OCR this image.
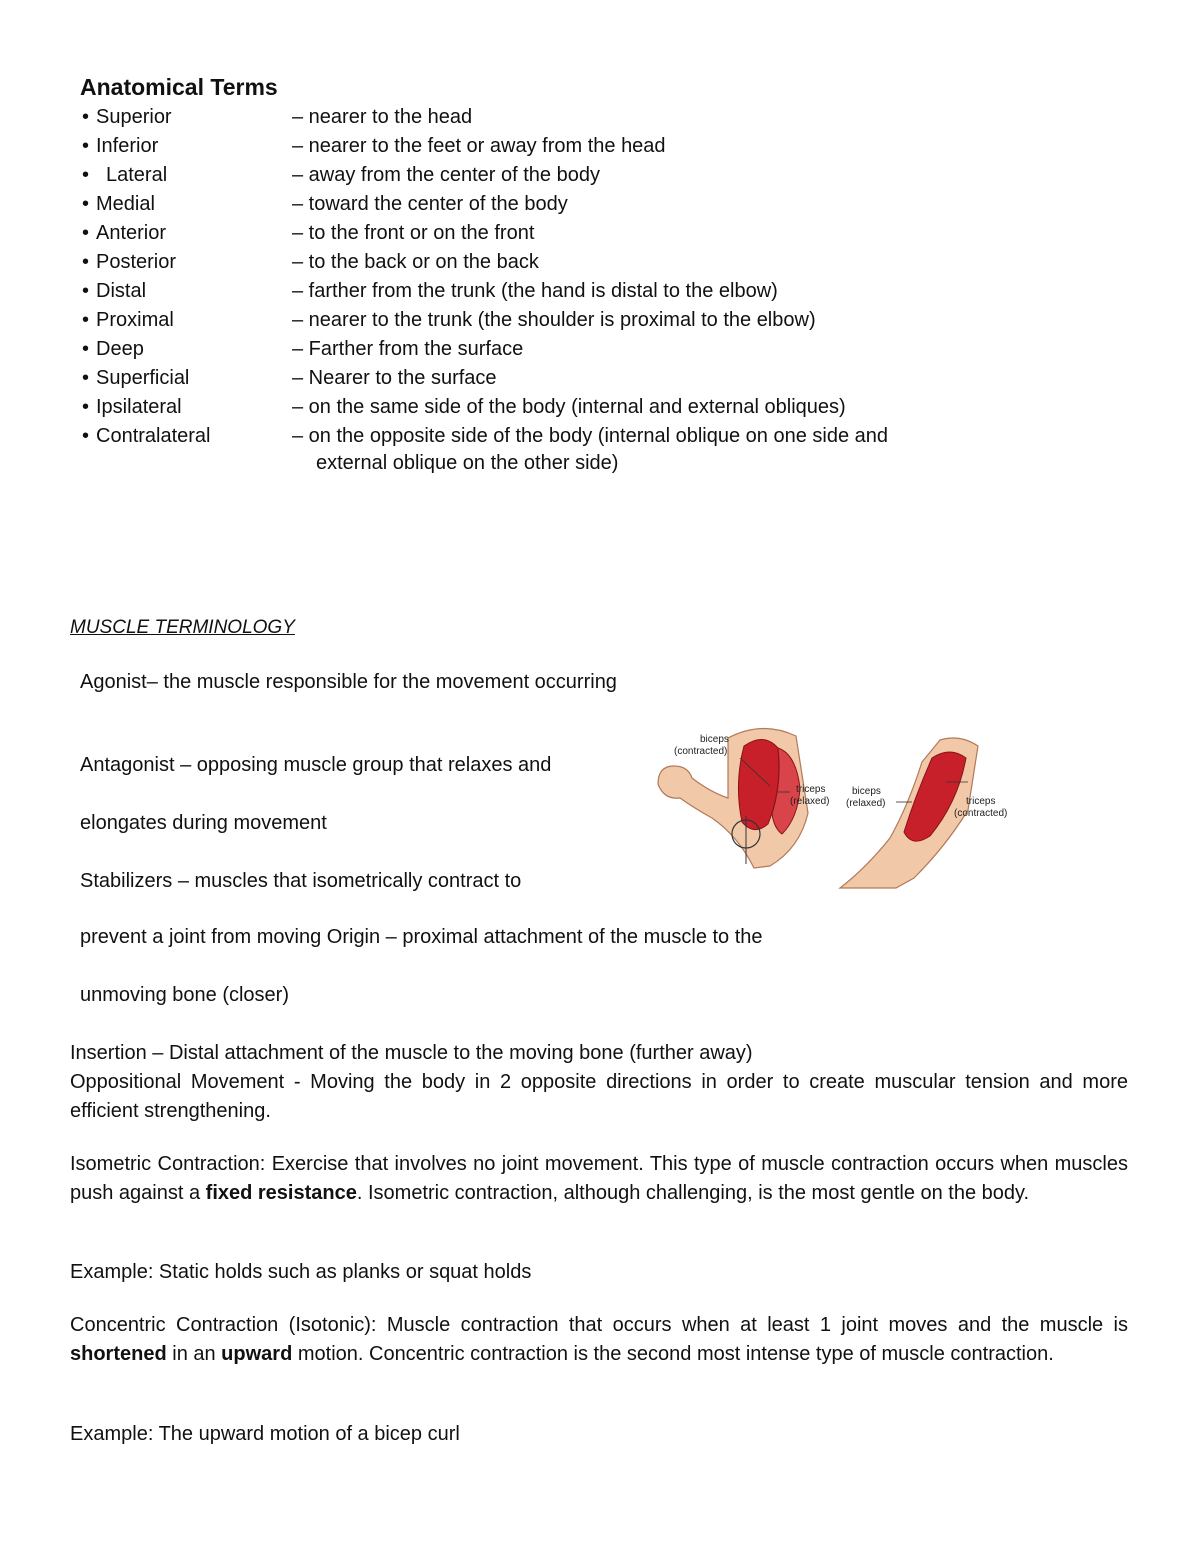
Anatomical Terms
• Superior	– nearer to the head
• Inferior	– nearer to the feet or away from the head
• Lateral	– away from the center of the body
• Medial	– toward the center of the body
• Anterior	– to the front or on the front
• Posterior	– to the back or on the back
• Distal	– farther from the trunk (the hand is distal to the elbow)
• Proximal	– nearer to the trunk (the shoulder is proximal to the elbow)
• Deep	– Farther from the surface
• Superficial	– Nearer to the surface
• Ipsilateral	– on the same side of the body (internal and external obliques)
• Contralateral	– on the opposite side of the body (internal oblique on one side and
external oblique on the other side)
MUSCLE TERMINOLOGY
Agonist– the muscle responsible for the movement occurring
Antagonist – opposing muscle group that relaxes and
elongates during movement
Stabilizers – muscles that isometrically contract to
prevent a joint from moving Origin – proximal attachment of the muscle to the
unmoving bone (closer)
Insertion – Distal attachment of the muscle to the moving bone (further away)
Oppositional Movement - Moving the body in 2 opposite directions in order to create muscular tension and more efficient strengthening.
Isometric Contraction: Exercise that involves no joint movement. This type of muscle contraction occurs when muscles push against a fixed resistance. Isometric contraction, although challenging, is the most gentle on the body.
Example: Static holds such as planks or squat holds
Concentric Contraction (Isotonic): Muscle contraction that occurs when at least 1 joint moves and the muscle is shortened in an upward motion. Concentric contraction is the second most intense type of muscle contraction.
Example: The upward motion of a bicep curl
biceps
(contracted)
triceps
(relaxed)
biceps
(relaxed)	triceps
(contracted)
